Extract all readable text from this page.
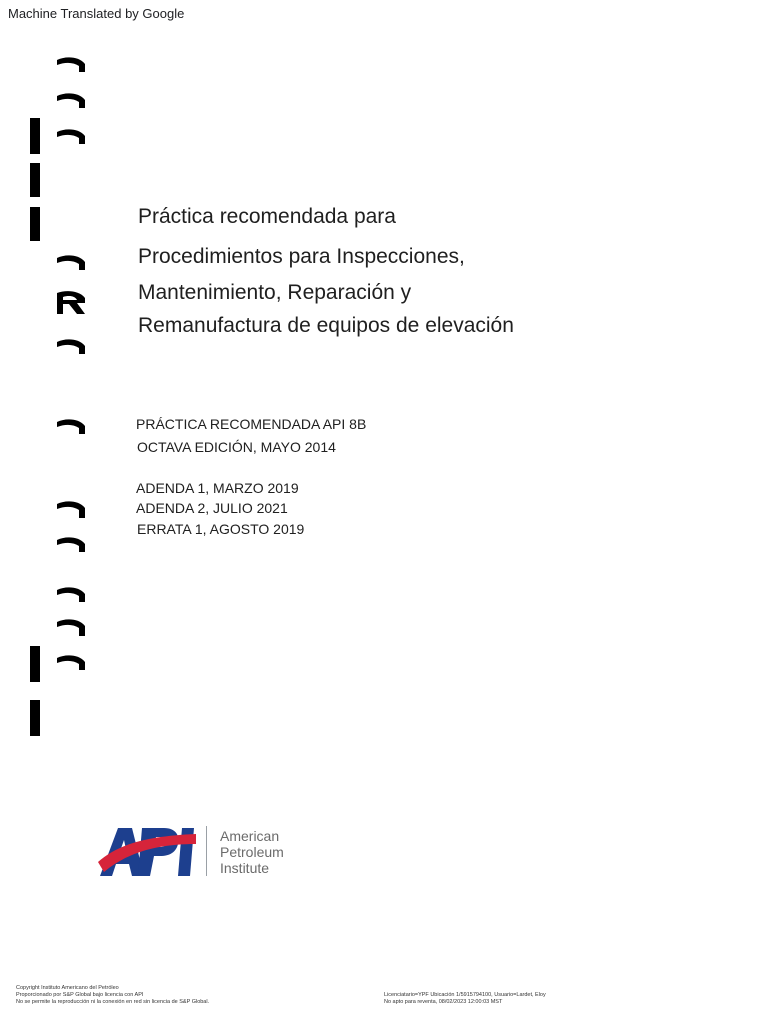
Machine Translated by Google
Práctica recomendada para
Procedimientos para Inspecciones,
Mantenimiento, Reparación y
Remanufactura de equipos de elevación
PRÁCTICA RECOMENDADA API 8B
OCTAVA EDICIÓN, MAYO 2014
ADENDA 1, MARZO 2019
ADENDA 2, JULIO 2021
ERRATA 1, AGOSTO 2019
American
Petroleum
Institute
Copyright Instituto Americano del Petróleo
Proporcionado por S&P Global bajo licencia con API
No se permite la reproducción ni la conexión en red sin licencia de S&P Global.
Licenciatario=YPF Ubicación 1/5915794100, Usuario=Lardet, Eloy
No apto para reventa, 08/02/2023 12:00:03 MST
